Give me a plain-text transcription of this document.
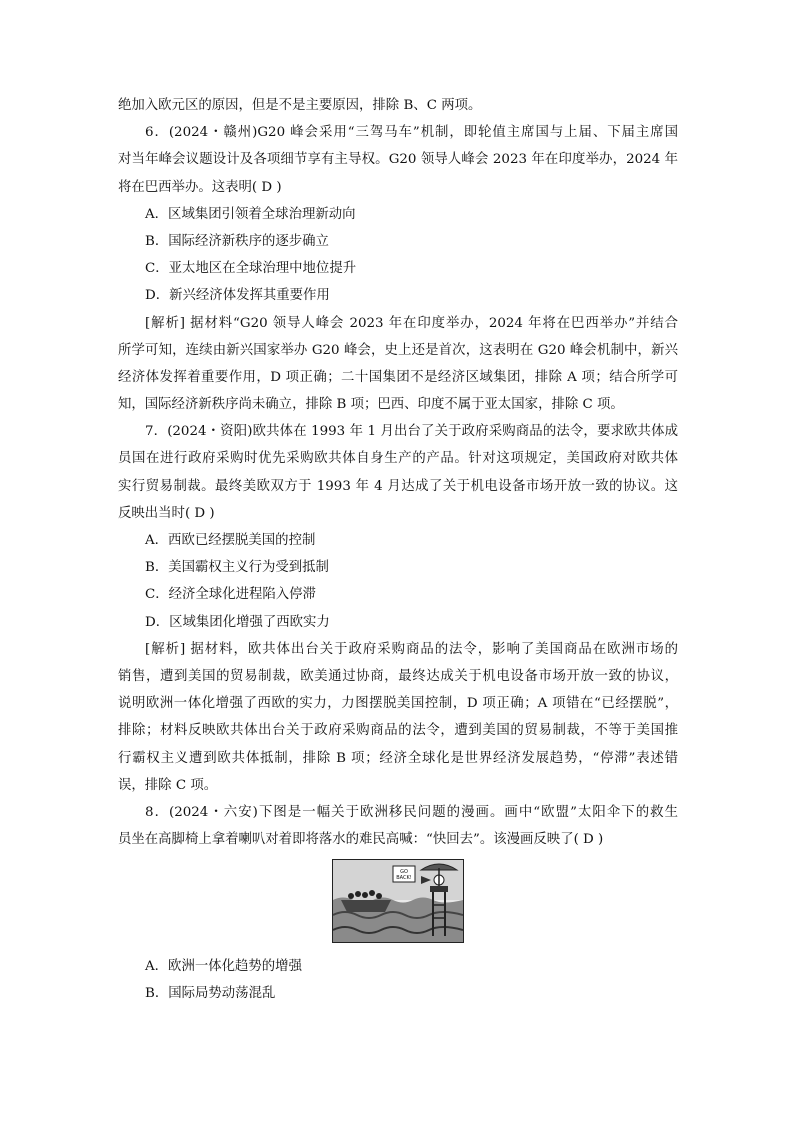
绝加入欧元区的原因，但是不是主要原因，排除 B、C 两项。
6．(2024・赣州)G20 峰会采用“三驾马车”机制，即轮值主席国与上届、下届主席国
对当年峰会议题设计及各项细节享有主导权。G20 领导人峰会 2023 年在印度举办，2024 年
将在巴西举办。这表明( D )
A．区域集团引领着全球治理新动向
B．国际经济新秩序的逐步确立
C．亚太地区在全球治理中地位提升
D．新兴经济体发挥其重要作用
[解析] 据材料“G20 领导人峰会 2023 年在印度举办，2024 年将在巴西举办”并结合
所学可知，连续由新兴国家举办 G20 峰会，史上还是首次，这表明在 G20 峰会机制中，新兴
经济体发挥着重要作用，D 项正确；二十国集团不是经济区域集团，排除 A 项；结合所学可
知，国际经济新秩序尚未确立，排除 B 项；巴西、印度不属于亚太国家，排除 C 项。
7．(2024・资阳)欧共体在 1993 年 1 月出台了关于政府采购商品的法令，要求欧共体成
员国在进行政府采购时优先采购欧共体自身生产的产品。针对这项规定，美国政府对欧共体
实行贸易制裁。最终美欧双方于 1993 年 4 月达成了关于机电设备市场开放一致的协议。这
反映出当时( D )
A．西欧已经摆脱美国的控制
B．美国霸权主义行为受到抵制
C．经济全球化进程陷入停滞
D．区域集团化增强了西欧实力
[解析] 据材料，欧共体出台关于政府采购商品的法令，影响了美国商品在欧洲市场的
销售，遭到美国的贸易制裁，欧美通过协商，最终达成关于机电设备市场开放一致的协议，
说明欧洲一体化增强了西欧的实力，力图摆脱美国控制，D 项正确；A 项错在“已经摆脱”，
排除；材料反映欧共体出台关于政府采购商品的法令，遭到美国的贸易制裁，不等于美国推
行霸权主义遭到欧共体抵制，排除 B 项；经济全球化是世界经济发展趋势，“停滞”表述错
误，排除 C 项。
8．(2024・六安)下图是一幅关于欧洲移民问题的漫画。画中“欧盟”太阳伞下的救生
员坐在高脚椅上拿着喇叭对着即将落水的难民高喊：“快回去”。该漫画反映了( D )
GO
BACK!
A．欧洲一体化趋势的增强
B．国际局势动荡混乱
